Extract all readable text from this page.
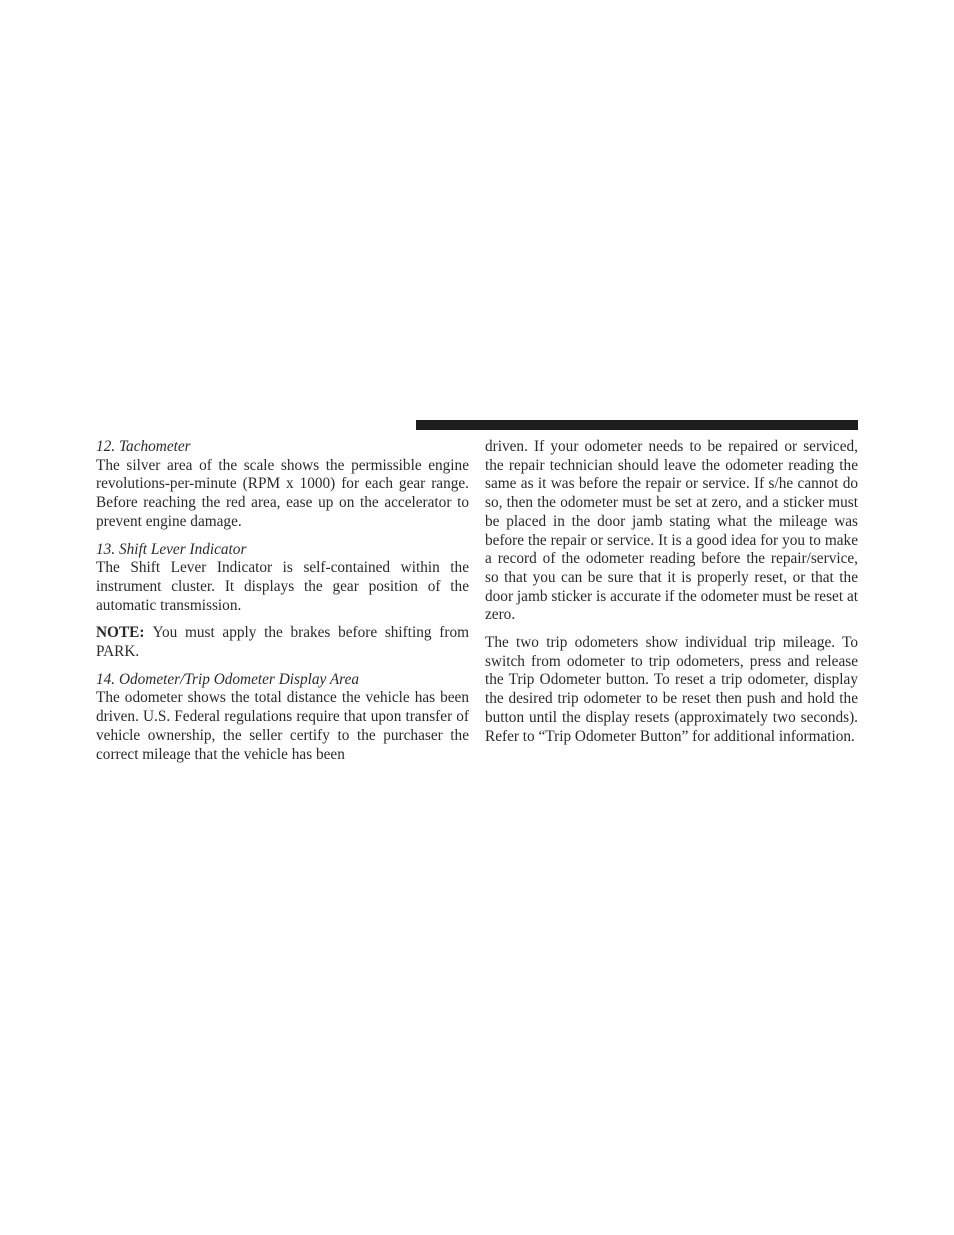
12. Tachometer

The silver area of the scale shows the permissible engine revolutions-per-minute (RPM x 1000) for each gear range. Before reaching the red area, ease up on the accelerator to prevent engine damage.

13. Shift Lever Indicator

The Shift Lever Indicator is self-contained within the instrument cluster. It displays the gear position of the automatic transmission.

NOTE: You must apply the brakes before shifting from PARK.

14. Odometer/Trip Odometer Display Area

The odometer shows the total distance the vehicle has been driven. U.S. Federal regulations require that upon transfer of vehicle ownership, the seller certify to the purchaser the correct mileage that the vehicle has been

driven. If your odometer needs to be repaired or serviced, the repair technician should leave the odometer reading the same as it was before the repair or service. If s/he cannot do so, then the odometer must be set at zero, and a sticker must be placed in the door jamb stating what the mileage was before the repair or service. It is a good idea for you to make a record of the odometer reading before the repair/service, so that you can be sure that it is properly reset, or that the door jamb sticker is accurate if the odometer must be reset at zero.

The two trip odometers show individual trip mileage. To switch from odometer to trip odometers, press and release the Trip Odometer button. To reset a trip odometer, display the desired trip odometer to be reset then push and hold the button until the display resets (approximately two seconds). Refer to “Trip Odometer Button” for additional information.
